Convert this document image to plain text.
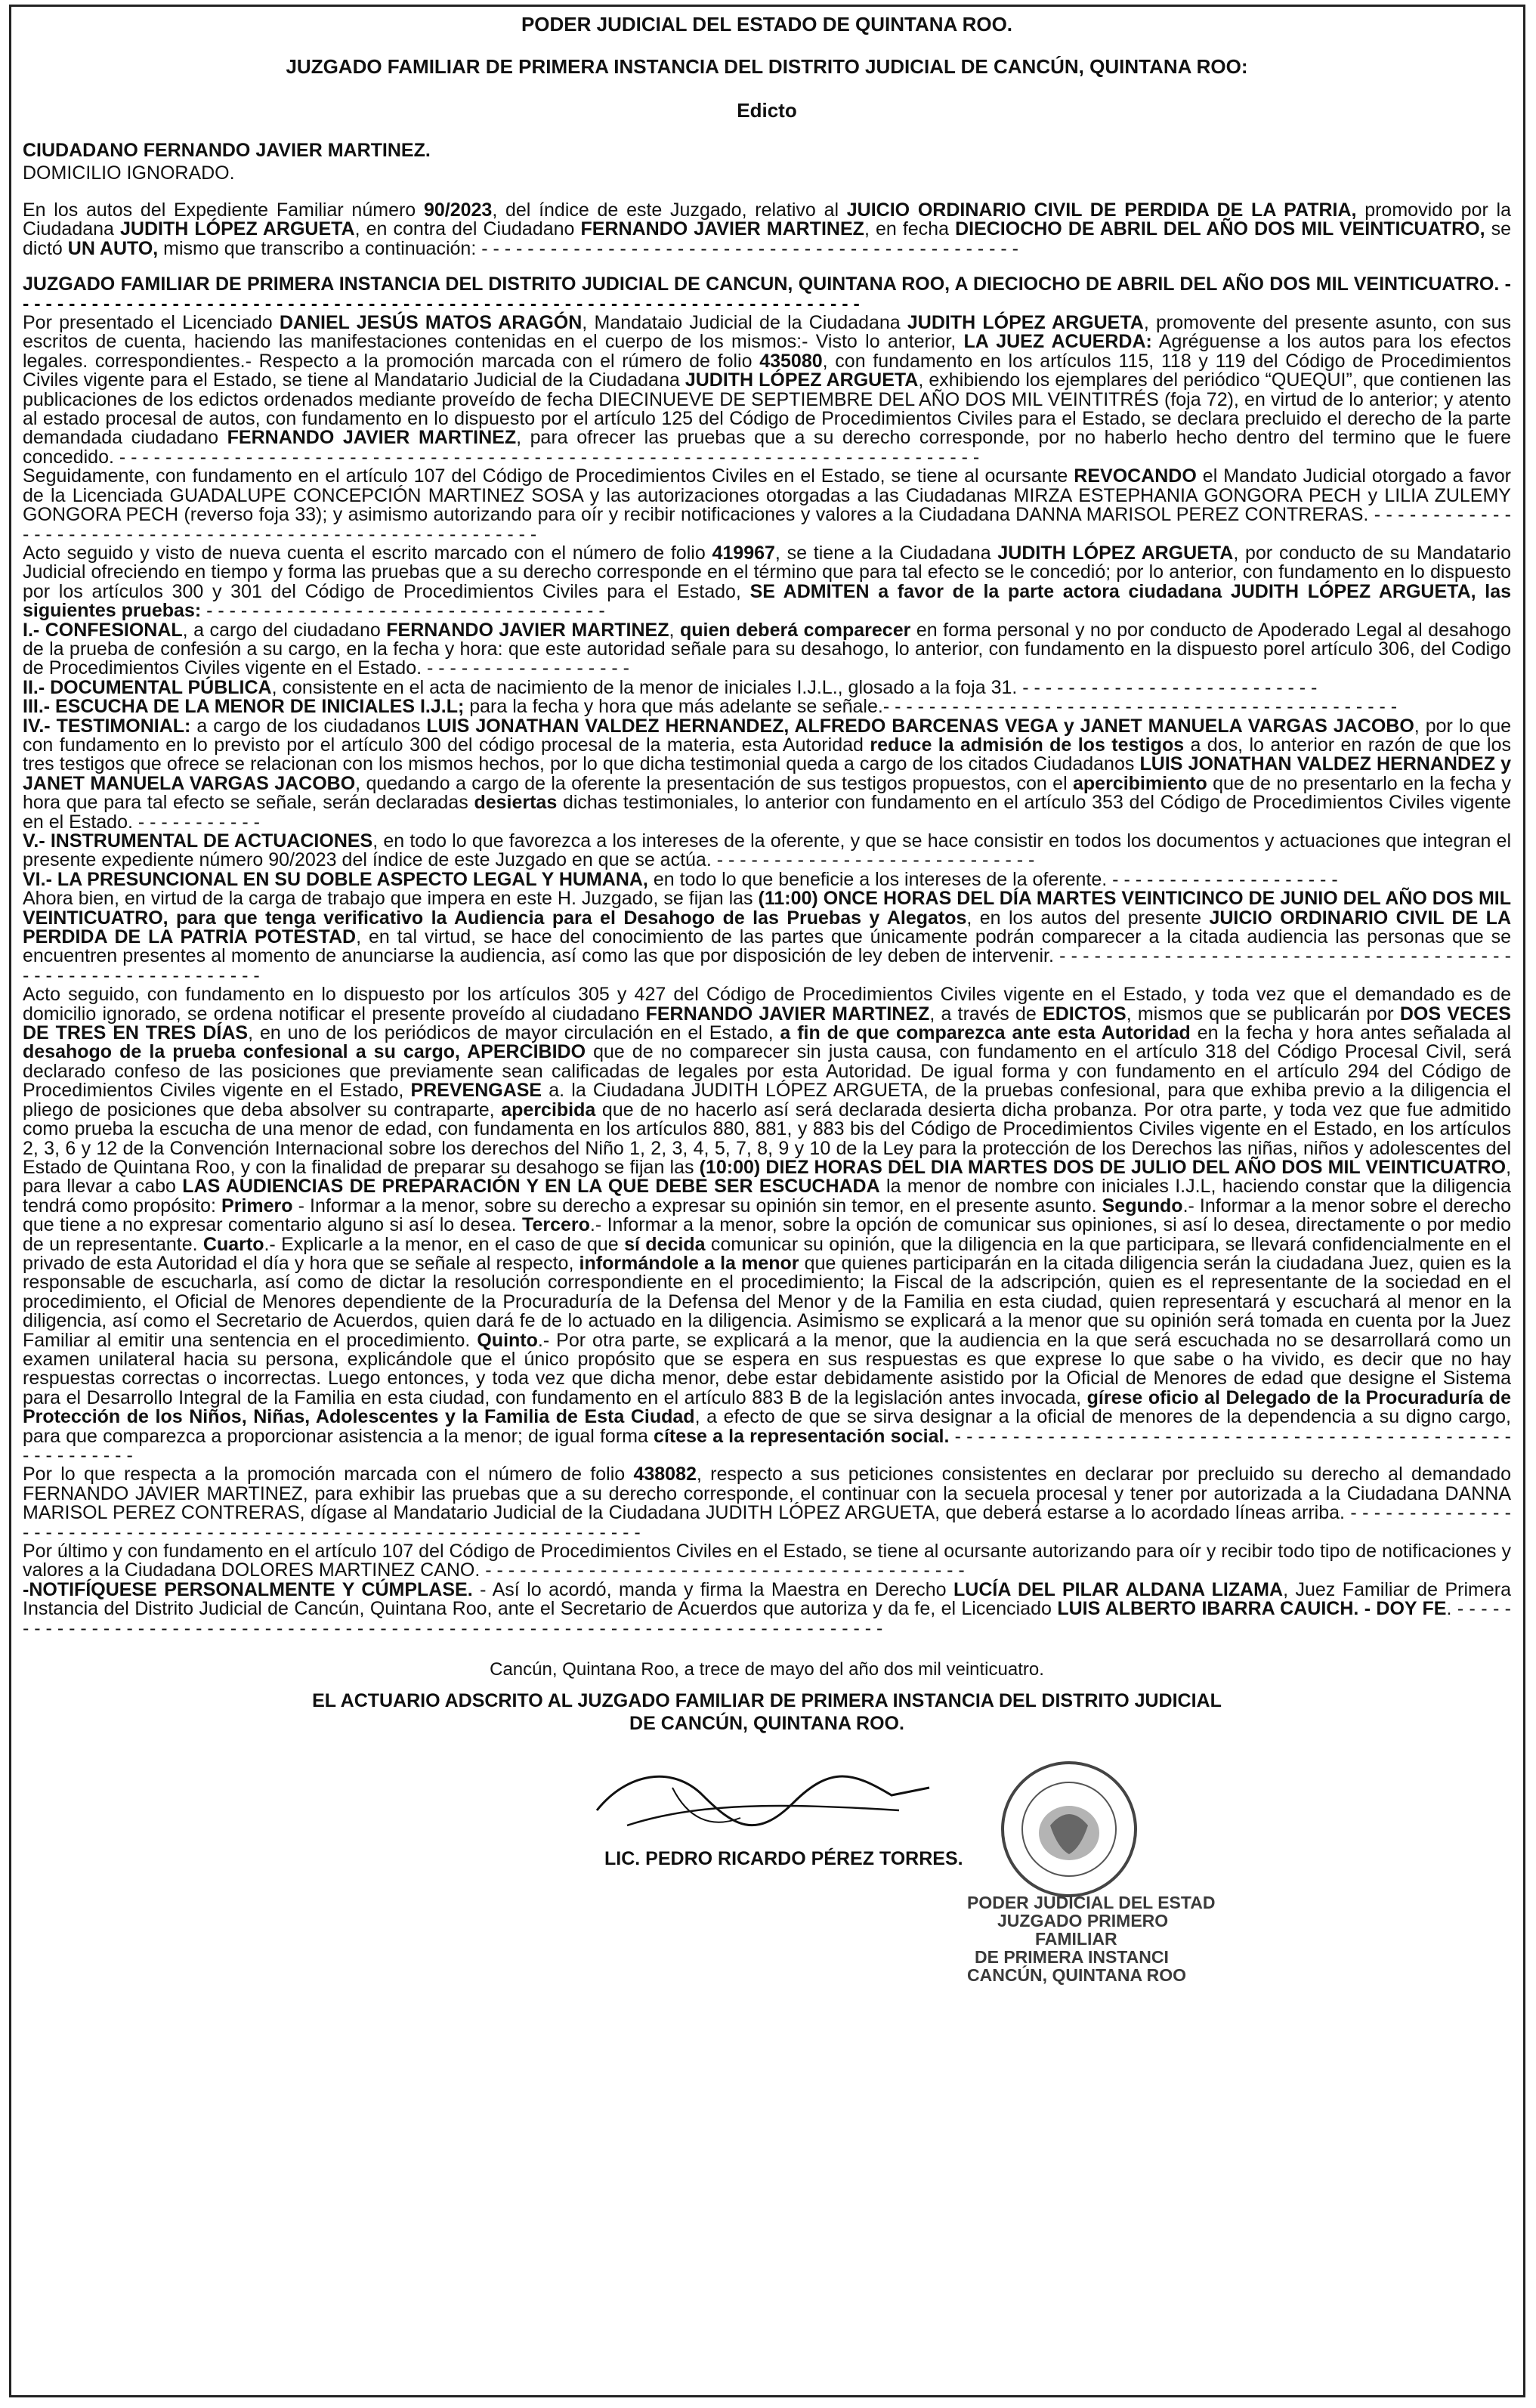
PODER JUDICIAL DEL ESTADO DE QUINTANA ROO.
JUZGADO FAMILIAR DE PRIMERA INSTANCIA DEL DISTRITO JUDICIAL DE CANCÚN, QUINTANA ROO:
Edicto
CIUDADANO FERNANDO JAVIER MARTINEZ.
DOMICILIO IGNORADO.

En los autos del Expediente Familiar número 90/2023, del índice de este Juzgado, relativo al JUICIO ORDINARIO CIVIL DE PERDIDA DE LA PATRIA, promovido por la Ciudadana JUDITH LÓPEZ ARGUETA, en contra del Ciudadano FERNANDO JAVIER MARTINEZ, en fecha DIECIOCHO DE ABRIL DEL AÑO DOS MIL VEINTICUATRO, se dictó UN AUTO, mismo que transcribo a continuación: - - - - - - - - - - - - - - - - - - - - - - - - - - - - - - - - - - - - - - - - - - - - - - -

JUZGADO FAMILIAR DE PRIMERA INSTANCIA DEL DISTRITO JUDICIAL DE CANCUN, QUINTANA ROO, A DIECIOCHO DE ABRIL DEL AÑO DOS MIL VEINTICUATRO. - - - - - - - - - - - - - - - - - - - - - - - - - - - - - - - - - - - - - - - - - - - - - - - - - - - - - - - - - - - - - - - - - - - - - - - - - -

Por presentado el Licenciado DANIEL JESÚS MATOS ARAGÓN, Mandataio Judicial de la Ciudadana JUDITH LÓPEZ ARGUETA, promovente del presente asunto, con sus escritos de cuenta, haciendo las manifestaciones contenidas en el cuerpo de los mismos:- Visto lo anterior, LA JUEZ ACUERDA: Agréguense a los autos para los efectos legales. correspondientes.- Respecto a la promoción marcada con el rúmero de folio 435080, con fundamento en los artículos 115, 118 y 119 del Código de Procedimientos Civiles vigente para el Estado, se tiene al Mandatario Judicial de la Ciudadana JUDITH LÓPEZ ARGUETA, exhibiendo los ejemplares del periódico “QUEQUI”, que contienen las publicaciones de los edictos ordenados mediante proveído de fecha DIECINUEVE DE SEPTIEMBRE DEL AÑO DOS MIL VEINTITRÉS (foja 72), en virtud de lo anterior; y atento al estado procesal de autos, con fundamento en lo dispuesto por el artículo 125 del Código de Procedimientos Civiles para el Estado, se declara precluido el derecho de la parte demandada ciudadano FERNANDO JAVIER MARTINEZ, para ofrecer las pruebas que a su derecho corresponde, por no haberlo hecho dentro del termino que le fuere concedido. - - - - - - - - - - - - - - - - - - - - - - - - - - - - - - - - - - - - - - - - - - - - - - - - - - - - - - - - - - - - - - - - - - - - - - - - - - -

Seguidamente, con fundamento en el artículo 107 del Código de Procedimientos Civiles en el Estado, se tiene al ocursante REVOCANDO el Mandato Judicial otorgado a favor de la Licenciada GUADALUPE CONCEPCIÓN MARTINEZ SOSA y las autorizaciones otorgadas a las Ciudadanas MIRZA ESTEPHANIA GONGORA PECH y LILIA ZULEMY GONGORA PECH (reverso foja 33); y asimismo autorizando para oír y recibir notificaciones y valores a la Ciudadana DANNA MARISOL PEREZ CONTRERAS. - - - - - - - - - - - - - - - - - - - - - - - - - - - - - - - - - - - - - - - - - - - - - - - - - - - - - - - - -

Acto seguido y visto de nueva cuenta el escrito marcado con el número de folio 419967, se tiene a la Ciudadana JUDITH LÓPEZ ARGUETA, por conducto de su Mandatario Judicial ofreciendo en tiempo y forma las pruebas que a su derecho corresponde en el término que para tal efecto se le concedió; por lo anterior, con fundamento en lo dispuesto por los artículos 300 y 301 del Código de Procedimientos Civiles para el Estado, SE ADMITEN a favor de la parte actora ciudadana JUDITH LÓPEZ ARGUETA, las siguientes pruebas: - - - - - - - - - - - - - - - - - - - - - - - - - - - - - - - - - - -

I.- CONFESIONAL, a cargo del ciudadano FERNANDO JAVIER MARTINEZ, quien deberá comparecer en forma personal y no por conducto de Apoderado Legal al desahogo de la prueba de confesión a su cargo, en la fecha y hora: que este autoridad señale para su desahogo, lo anterior, con fundamento en la dispuesto porel artículo 306, del Codigo de Procedimientos Civiles vigente en el Estado. - - - - - - - - - - - - - - - - - -

II.- DOCUMENTAL PÚBLICA, consistente en el acta de nacimiento de la menor de iniciales I.J.L., glosado a la foja 31. - - - - - - - - - - - - - - - - - - - - - - - - - -

III.- ESCUCHA DE LA MENOR DE INICIALES I.J.L; para la fecha y hora que más adelante se señale.- - - - - - - - - - - - - - - - - - - - - - - - - - - - - - - - - - - - - - - - - - - - -

IV.- TESTIMONIAL: a cargo de los ciudadanos LUIS JONATHAN VALDEZ HERNANDEZ, ALFREDO BARCENAS VEGA y JANET MANUELA VARGAS JACOBO, por lo que con fundamento en lo previsto por el artículo 300 del código procesal de la materia, esta Autoridad reduce la admisión de los testigos a dos, lo anterior en razón de que los tres testigos que ofrece se relacionan con los mismos hechos, por lo que dicha testimonial queda a cargo de los citados Ciudadanos LUIS JONATHAN VALDEZ HERNANDEZ y JANET MANUELA VARGAS JACOBO, quedando a cargo de la oferente la presentación de sus testigos propuestos, con el apercibimiento que de no presentarlo en la fecha y hora que para tal efecto se señale, serán declaradas desiertas dichas testimoniales, lo anterior con fundamento en el artículo 353 del Código de Procedimientos Civiles vigente en el Estado. - - - - - - - - - - -

V.- INSTRUMENTAL DE ACTUACIONES, en todo lo que favorezca a los intereses de la oferente, y que se hace consistir en todos los documentos y actuaciones que integran el presente expediente número 90/2023 del índice de este Juzgado en que se actúa. - - - - - - - - - - - - - - - - - - - - - - - - - - - -

VI.- LA PRESUNCIONAL EN SU DOBLE ASPECTO LEGAL Y HUMANA, en todo lo que beneficie a los intereses de la oferente. - - - - - - - - - - - - - - - - - - - -

Ahora bien, en virtud de la carga de trabajo que impera en este H. Juzgado, se fijan las (11:00) ONCE HORAS DEL DÍA MARTES VEINTICINCO DE JUNIO DEL AÑO DOS MIL VEINTICUATRO, para que tenga verificativo la Audiencia para el Desahogo de las Pruebas y Alegatos, en los autos del presente JUICIO ORDINARIO CIVIL DE LA PERDIDA DE LA PATRIA POTESTAD, en tal virtud, se hace del conocimiento de las partes que únicamente podrán comparecer a la citada audiencia las personas que se encuentren presentes al momento de anunciarse la audiencia, así como las que por disposición de ley deben de intervenir. - - - - - - - - - - - - - - - - - - - - - - - - - - - - - - - - - - - - - - - - - - - - - - - - - - - - - - - - - - - -

Acto seguido, con fundamento en lo dispuesto por los artículos 305 y 427 del Código de Procedimientos Civiles vigente en el Estado, y toda vez que el demandado es de domicilio ignorado, se ordena notificar el presente proveído al ciudadano FERNANDO JAVIER MARTINEZ, a través de EDICTOS, mismos que se publicarán por DOS VECES DE TRES EN TRES DÍAS, en uno de los periódicos de mayor circulación en el Estado, a fin de que comparezca ante esta Autoridad en la fecha y hora antes señalada al desahogo de la prueba confesional a su cargo, APERCIBIDO que de no comparecer sin justa causa, con fundamento en el artículo 318 del Código Procesal Civil, será declarado confeso de las posiciones que previamente sean calificadas de legales por esta Autoridad. De igual forma y con fundamento en el artículo 294 del Código de Procedimientos Civiles vigente en el Estado, PREVENGASE a. la Ciudadana JUDITH LÓPEZ ARGUETA, de la pruebas confesional, para que exhiba previo a la diligencia el pliego de posiciones que deba absolver su contraparte, apercibida que de no hacerlo así será declarada desierta dicha probanza. Por otra parte, y toda vez que fue admitido como prueba la escucha de una menor de edad, con fundamenta en los artículos 880, 881, y 883 bis del Código de Procedimientos Civiles vigente en el Estado, en los artículos 2, 3, 6 y 12 de la Convención Internacional sobre los derechos del Niño 1, 2, 3, 4, 5, 7, 8, 9 y 10 de la Ley para la protección de los Derechos las niñas, niños y adolescentes del Estado de Quintana Roo, y con la finalidad de preparar su desahogo se fijan las (10:00) DIEZ HORAS DEL DIA MARTES DOS DE JULIO DEL AÑO DOS MIL VEINTICUATRO, para llevar a cabo LAS AUDIENCIAS DE PREPARACIÓN Y EN LA QUE DEBE SER ESCUCHADA la menor de nombre con iniciales I.J.L, haciendo constar que la diligencia tendrá como propósito: Primero - Informar a la menor, sobre su derecho a expresar su opinión sin temor, en el presente asunto. Segundo.- Informar a la menor sobre el derecho que tiene a no expresar comentario alguno si así lo desea. Tercero.- Informar a la menor, sobre la opción de comunicar sus opiniones, si así lo desea, directamente o por medio de un representante. Cuarto.- Explicarle a la menor, en el caso de que sí decida comunicar su opinión, que la diligencia en la que participara, se llevará confidencialmente en el privado de esta Autoridad el día y hora que se señale al respecto, informándole a la menor que quienes participarán en la citada diligencia serán la ciudadana Juez, quien es la responsable de escucharla, así como de dictar la resolución correspondiente en el procedimiento; la Fiscal de la adscripción, quien es el representante de la sociedad en el procedimiento, el Oficial de Menores dependiente de la Procuraduría de la Defensa del Menor y de la Familia en esta ciudad, quien representará y escuchará al menor en la diligencia, así como el Secretario de Acuerdos, quien dará fe de lo actuado en la diligencia. Asimismo se explicará a la menor que su opinión será tomada en cuenta por la Juez Familiar al emitir una sentencia en el procedimiento. Quinto.- Por otra parte, se explicará a la menor, que la audiencia en la que será escuchada no se desarrollará como un examen unilateral hacia su persona, explicándole que el único propósito que se espera en sus respuestas es que exprese lo que sabe o ha vivido, es decir que no hay respuestas correctas o incorrectas. Luego entonces, y toda vez que dicha menor, debe estar debidamente asistido por la Oficial de Menores de edad que designe el Sistema para el Desarrollo Integral de la Familia en esta ciudad, con fundamento en el artículo 883 B de la legislación antes invocada, gírese oficio al Delegado de la Procuraduría de Protección de los Niños, Niñas, Adolescentes y la Familia de Esta Ciudad, a efecto de que se sirva designar a la oficial de menores de la dependencia a su digno cargo, para que comparezca a proporcionar asistencia a la menor; de igual forma cítese a la representación social. - - - - - - - - - - - - - - - - - - - - - - - - - - - - - - - - - - - - - - - - - - - - - - - - - - - - - - - - - -

Por lo que respecta a la promoción marcada con el número de folio 438082, respecto a sus peticiones consistentes en declarar por precluido su derecho al demandado FERNANDO JAVIER MARTINEZ, para exhibir las pruebas que a su derecho corresponde, el continuar con la secuela procesal y tener por autorizada a la Ciudadana DANNA MARISOL PEREZ CONTRERAS, dígase al Mandatario Judicial de la Ciudadana JUDITH LÓPEZ ARGUETA, que deberá estarse a lo acordado líneas arriba. - - - - - - - - - - - - - - - - - - - - - - - - - - - - - - - - - - - - - - - - - - - - - - - - - - - - - - - - - - - - - - - - - - - -

Por último y con fundamento en el artículo 107 del Código de Procedimientos Civiles en el Estado, se tiene al ocursante autorizando para oír y recibir todo tipo de notificaciones y valores a la Ciudadana DOLORES MARTINEZ CANO. - - - - - - - - - - - - - - - - - - - - - - - - - - - - - - - - - - - - - - - - - -

-NOTIFÍQUESE PERSONALMENTE Y CÚMPLASE. - Así lo acordó, manda y firma la Maestra en Derecho LUCÍA DEL PILAR ALDANA LIZAMA, Juez Familiar de Primera Instancia del Distrito Judicial de Cancún, Quintana Roo, ante el Secretario de Acuerdos que autoriza y da fe, el Licenciado LUIS ALBERTO IBARRA CAUICH. - DOY FE. - - - - - - - - - - - - - - - - - - - - - - - - - - - - - - - - - - - - - - - - - - - - - - - - - - - - - - - - - - - - - - - - - - - - - - - - - - - - - - - -

Cancún, Quintana Roo, a trece de mayo del año dos mil veinticuatro.
EL ACTUARIO ADSCRITO AL JUZGADO FAMILIAR DE PRIMERA INSTANCIA DEL DISTRITO JUDICIAL
DE CANCÚN, QUINTANA ROO.
LIC. PEDRO RICARDO PÉREZ TORRES.
PODER JUDICIAL DEL ESTAD
JUZGADO PRIMERO
FAMILIAR
DE PRIMERA INSTANCI
CANCÚN, QUINTANA ROO
